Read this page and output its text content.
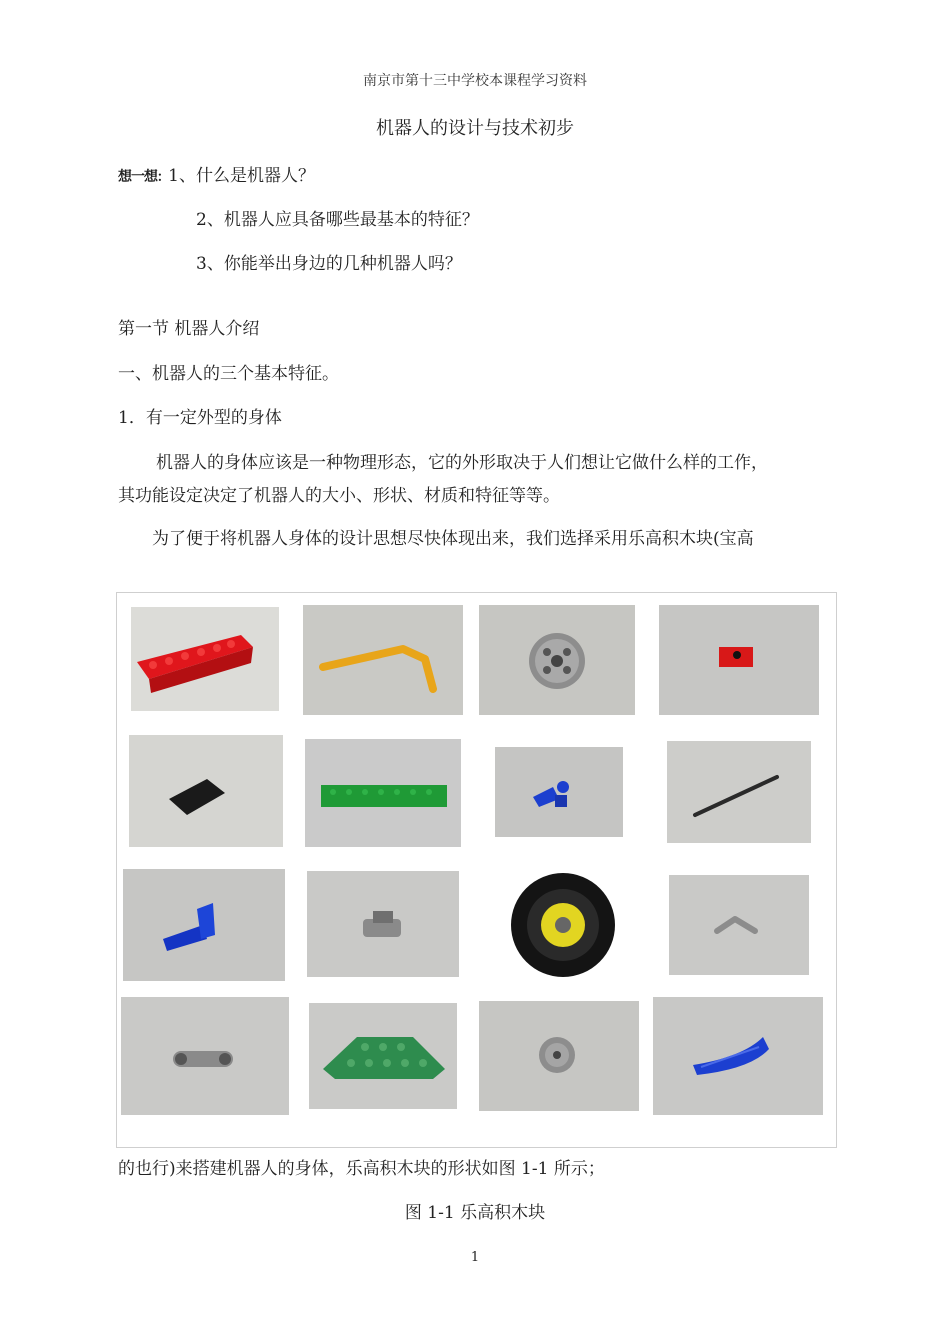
南京市第十三中学校本课程学习资料
机器人的设计与技术初步
想一想: 1、什么是机器人？
2、机器人应具备哪些最基本的特征？
3、你能举出身边的几种机器人吗？
第一节 机器人介绍
一、机器人的三个基本特征。
1．有一定外型的身体
机器人的身体应该是一种物理形态，它的外形取决于人们想让它做什么样的工作，
其功能设定决定了机器人的大小、形状、材质和特征等等。
为了便于将机器人身体的设计思想尽快体现出来，我们选择采用乐高积木块(宝高
的也行)来搭建机器人的身体，乐高积木块的形状如图 1-1 所示；
图 1-1 乐高积木块
1
